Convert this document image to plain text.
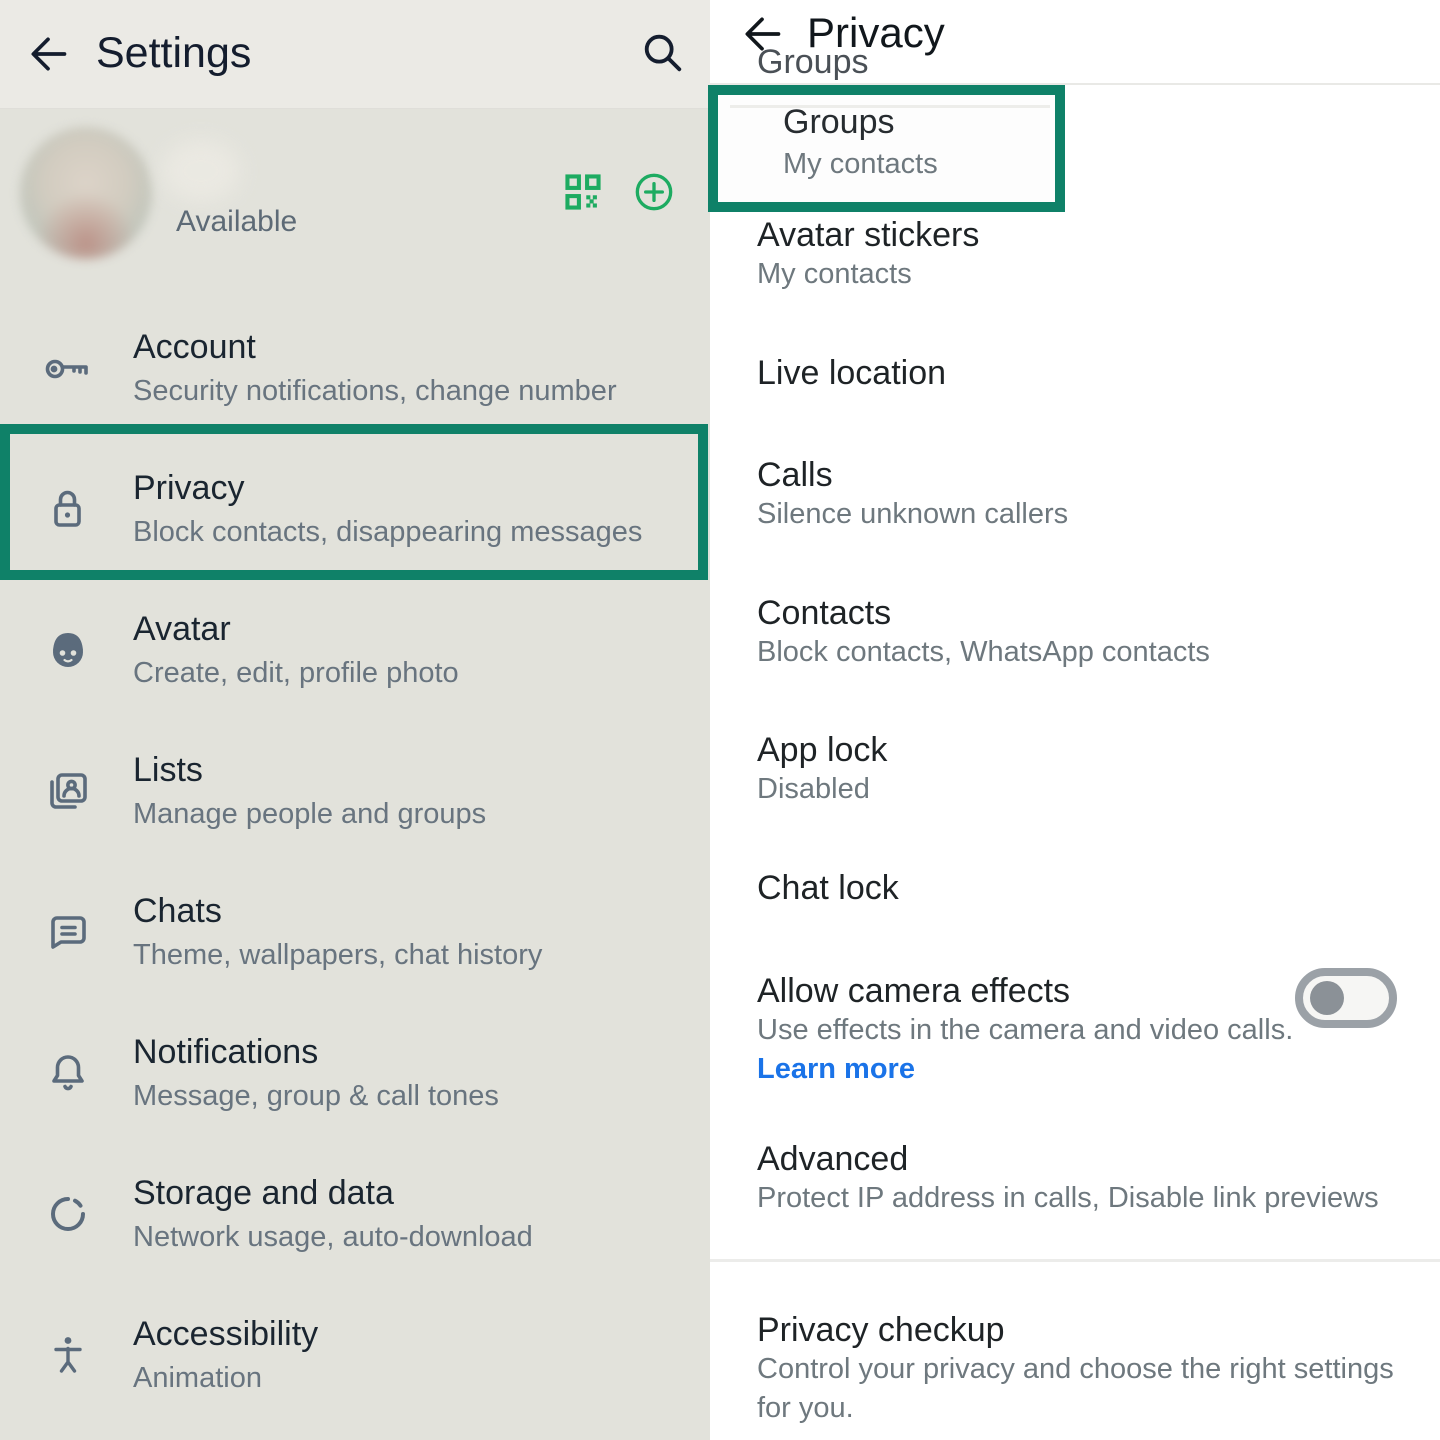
Settings
Available
Account
Security notifications, change number
Privacy
Block contacts, disappearing messages
Avatar
Create, edit, profile photo
Lists
Manage people and groups
Chats
Theme, wallpapers, chat history
Notifications
Message, group & call tones
Storage and data
Network usage, auto-download
Accessibility
Animation
Privacy
Groups
Groups
My contacts
Avatar stickers
My contacts
Live location
Calls
Silence unknown callers
Contacts
Block contacts, WhatsApp contacts
App lock
Disabled
Chat lock
Allow camera effects
Use effects in the camera and video calls.
Learn more
Advanced
Protect IP address in calls, Disable link previews
Privacy checkup
Control your privacy and choose the right settings for you.
